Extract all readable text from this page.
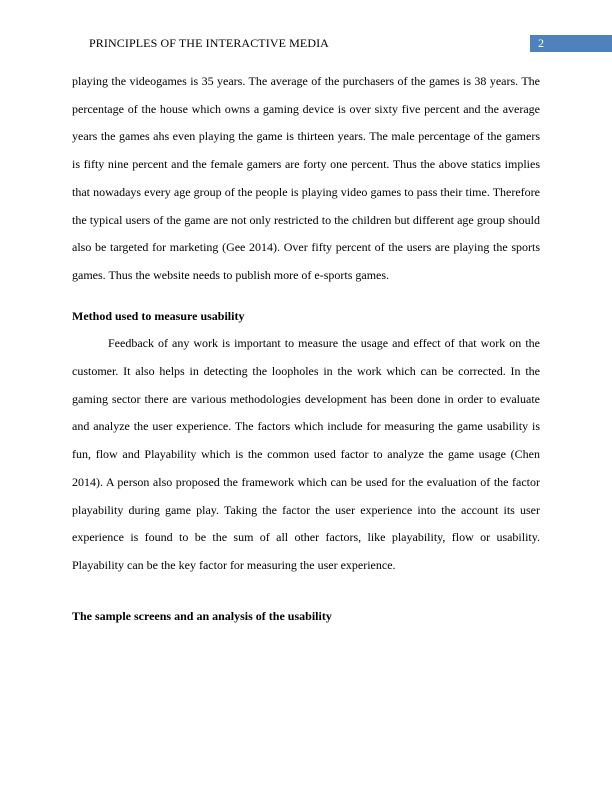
PRINCIPLES OF THE INTERACTIVE MEDIA	2

playing the videogames is 35 years. The average of the purchasers of the games is 38 years. The percentage of the house which owns a gaming device is over sixty five percent and the average years the games ahs even playing the game is thirteen years. The male percentage of the gamers is fifty nine percent and the female gamers are forty one percent. Thus the above statics implies that nowadays every age group of the people is playing video games to pass their time. Therefore the typical users of the game are not only restricted to the children but different age group should also be targeted for marketing (Gee 2014). Over fifty percent of the users are playing the sports games. Thus the website needs to publish more of e-sports games.

Method used to measure usability

Feedback of any work is important to measure the usage and effect of that work on the customer. It also helps in detecting the loopholes in the work which can be corrected. In the gaming sector there are various methodologies development has been done in order to evaluate and analyze the user experience. The factors which include for measuring the game usability is fun, flow and Playability which is the common used factor to analyze the game usage (Chen 2014). A person also proposed the framework which can be used for the evaluation of the factor playability during game play. Taking the factor the user experience into the account its user experience is found to be the sum of all other factors, like playability, flow or usability. Playability can be the key factor for measuring the user experience.

The sample screens and an analysis of the usability
